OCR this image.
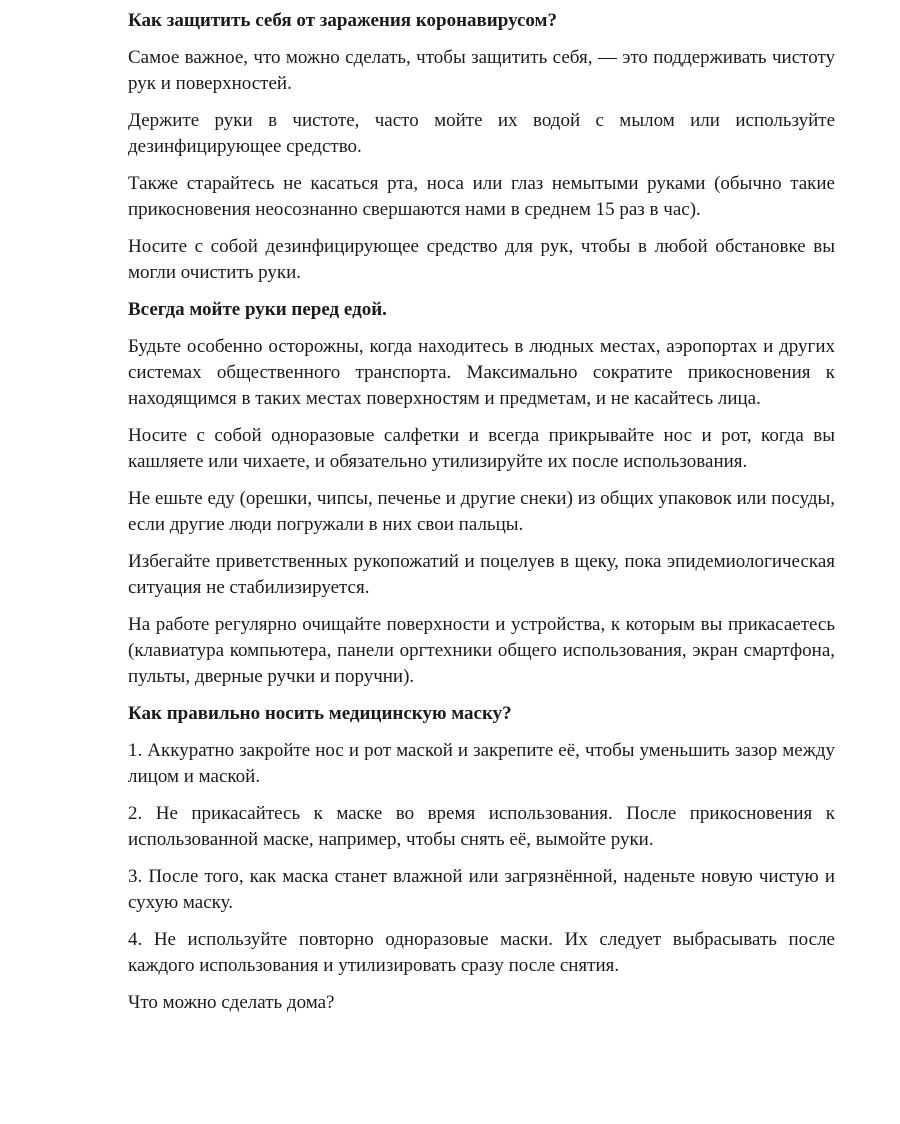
Как защитить себя от заражения коронавирусом?
Самое важное, что можно сделать, чтобы защитить себя, — это поддерживать чистоту рук и поверхностей.
Держите руки в чистоте, часто мойте их водой с мылом или используйте дезинфицирующее средство.
Также старайтесь не касаться рта, носа или глаз немытыми руками (обычно такие прикосновения неосознанно свершаются нами в среднем 15 раз в час).
Носите с собой дезинфицирующее средство для рук, чтобы в любой обстановке вы могли очистить руки.
Всегда мойте руки перед едой.
Будьте особенно осторожны, когда находитесь в людных местах, аэропортах и других системах общественного транспорта. Максимально сократите прикосновения к находящимся в таких местах поверхностям и предметам, и не касайтесь лица.
Носите с собой одноразовые салфетки и всегда прикрывайте нос и рот, когда вы кашляете или чихаете, и обязательно утилизируйте их после использования.
Не ешьте еду (орешки, чипсы, печенье и другие снеки) из общих упаковок или посуды, если другие люди погружали в них свои пальцы.
Избегайте приветственных рукопожатий и поцелуев в щеку, пока эпидемиологическая ситуация не стабилизируется.
На работе регулярно очищайте поверхности и устройства, к которым вы прикасаетесь (клавиатура компьютера, панели оргтехники общего использования, экран смартфона, пульты, дверные ручки и поручни).
Как правильно носить медицинскую маску?
1. Аккуратно закройте нос и рот маской и закрепите её, чтобы уменьшить зазор между лицом и маской.
2. Не прикасайтесь к маске во время использования. После прикосновения к использованной маске, например, чтобы снять её, вымойте руки.
3. После того, как маска станет влажной или загрязнённой, наденьте новую чистую и сухую маску.
4. Не используйте повторно одноразовые маски. Их следует выбрасывать после каждого использования и утилизировать сразу после снятия.
Что можно сделать дома?
